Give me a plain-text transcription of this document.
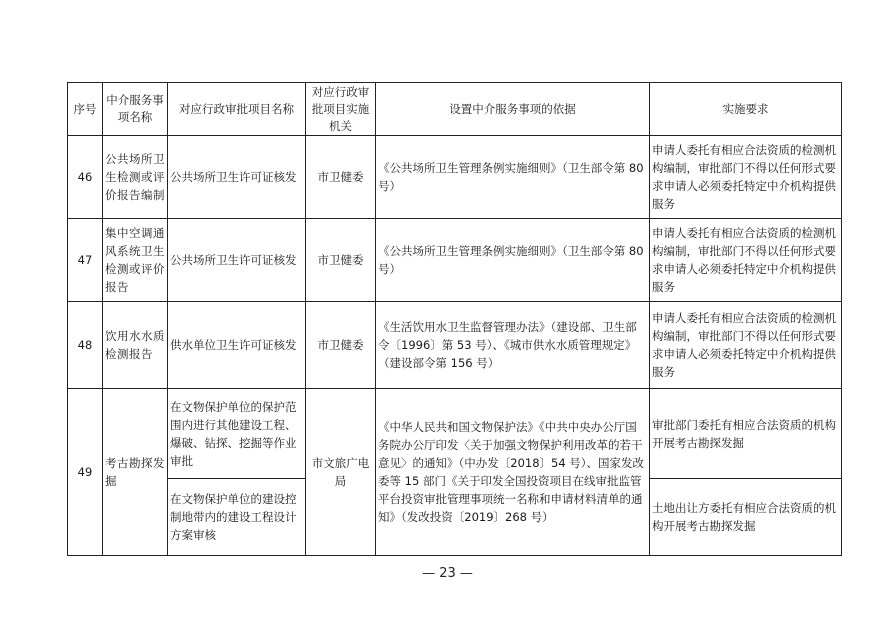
序号	中介服务事项名称	对应行政审批项目名称	对应行政审批项目实施机关	设置中介服务事项的依据	实施要求
46	公共场所卫生检测或评价报告编制	公共场所卫生许可证核发	市卫健委	《公共场所卫生管理条例实施细则》（卫生部令第 80 号）	申请人委托有相应合法资质的检测机构编制，审批部门不得以任何形式要求申请人必须委托特定中介机构提供服务
47	集中空调通风系统卫生检测或评价报告	公共场所卫生许可证核发	市卫健委	《公共场所卫生管理条例实施细则》（卫生部令第 80 号）	申请人委托有相应合法资质的检测机构编制，审批部门不得以任何形式要求申请人必须委托特定中介机构提供服务
48	饮用水水质检测报告	供水单位卫生许可证核发	市卫健委	《生活饮用水卫生监督管理办法》（建设部、卫生部令〔1996〕第 53 号）、《城市供水水质管理规定》（建设部令第 156 号）	申请人委托有相应合法资质的检测机构编制，审批部门不得以任何形式要求申请人必须委托特定中介机构提供服务
49	考古勘探发掘	在文物保护单位的保护范围内进行其他建设工程、爆破、钻探、挖掘等作业审批	市文旅广电局	《中华人民共和国文物保护法》《中共中央办公厅国务院办公厅印发〈关于加强文物保护利用改革的若干意见〉的通知》（中办发〔2018〕54 号）、国家发改委等 15 部门《关于印发全国投资项目在线审批监管平台投资审批管理事项统一名称和申请材料清单的通知》（发改投资〔2019〕268 号）	审批部门委托有相应合法资质的机构开展考古勘探发掘
		在文物保护单位的建设控制地带内的建设工程设计方案审核			土地出让方委托有相应合法资质的机构开展考古勘探发掘
— 23 —
